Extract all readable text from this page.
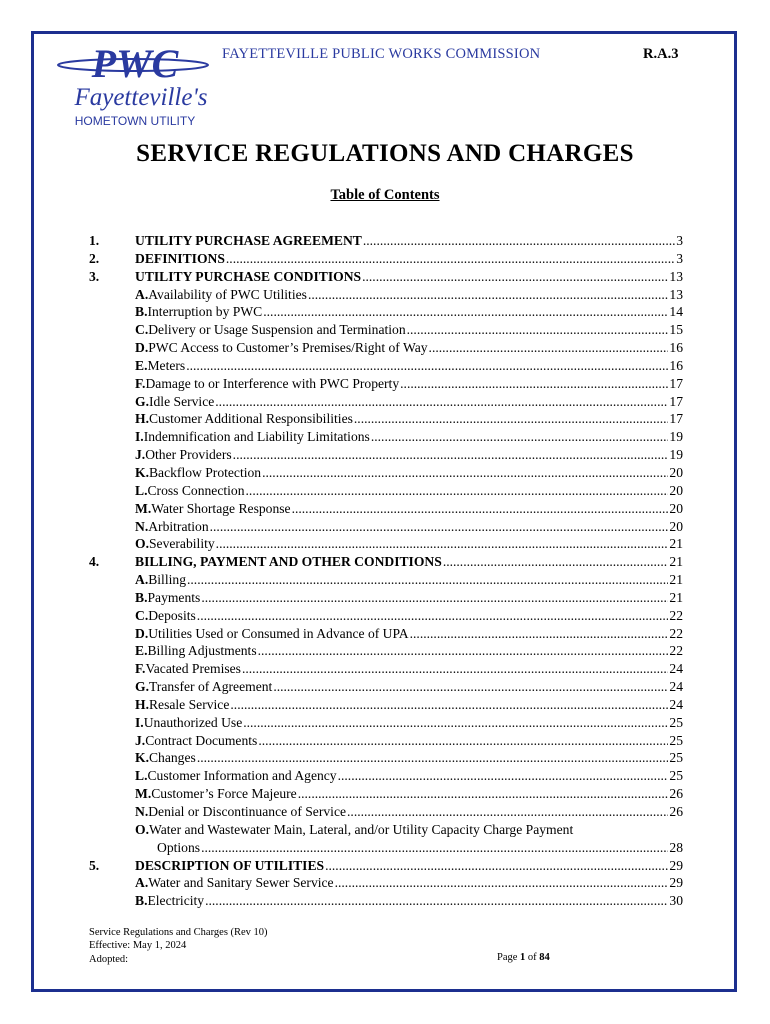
PWC
Fayetteville's
HOMETOWN UTILITY
FAYETTEVILLE PUBLIC WORKS COMMISSION	R.A.3
SERVICE REGULATIONS AND CHARGES
Table of Contents
1.	UTILITY PURCHASE AGREEMENT .....	3
2.	DEFINITIONS .....	3
3.	UTILITY PURCHASE CONDITIONS .....	13
A. Availability of PWC Utilities .....	13
B. Interruption by PWC .....	14
C. Delivery or Usage Suspension and Termination .....	15
D. PWC Access to Customer’s Premises/Right of Way .....	16
E. Meters .....	16
F. Damage to or Interference with PWC Property .....	17
G. Idle Service .....	17
H. Customer Additional Responsibilities .....	17
I. Indemnification and Liability Limitations .....	19
J. Other Providers .....	19
K. Backflow Protection .....	20
L. Cross Connection .....	20
M. Water Shortage Response .....	20
N. Arbitration .....	20
O. Severability .....	21
4.	BILLING, PAYMENT AND OTHER CONDITIONS .....	21
A. Billing .....	21
B. Payments .....	21
C. Deposits .....	22
D. Utilities Used or Consumed in Advance of UPA .....	22
E. Billing Adjustments .....	22
F. Vacated Premises .....	24
G. Transfer of Agreement .....	24
H. Resale Service .....	24
I. Unauthorized Use .....	25
J. Contract Documents .....	25
K. Changes .....	25
L. Customer Information and Agency .....	25
M. Customer’s Force Majeure .....	26
N. Denial or Discontinuance of Service .....	26
O. Water and Wastewater Main, Lateral, and/or Utility Capacity Charge Payment
Options .....	28
5.	DESCRIPTION OF UTILITIES .....	29
A. Water and Sanitary Sewer Service .....	29
B. Electricity .....	30
Service Regulations and Charges (Rev 10)
Effective: May 1, 2024
Adopted:	Page 1 of 84
